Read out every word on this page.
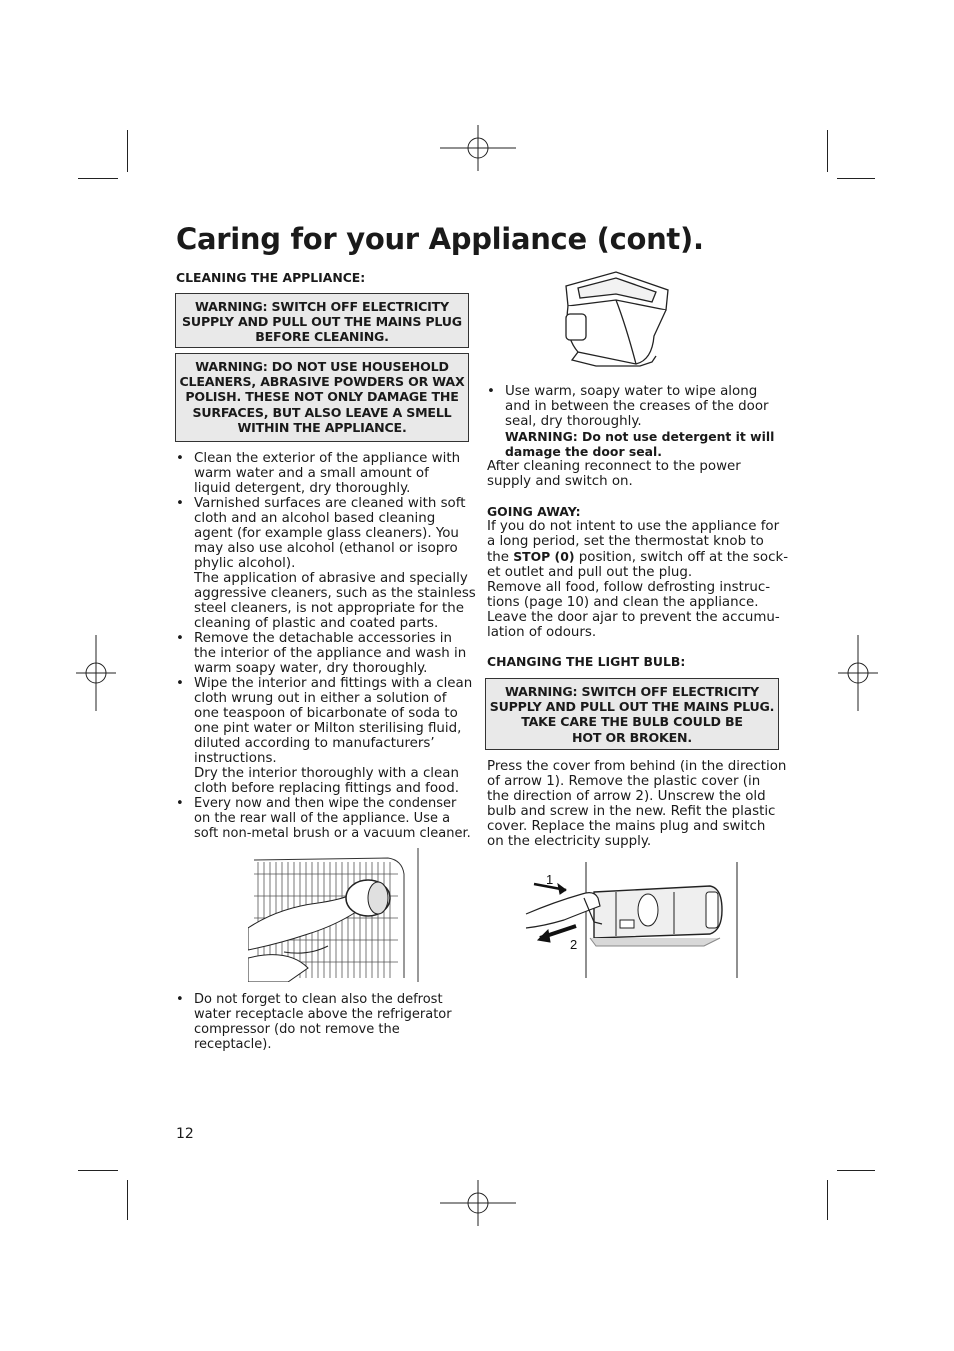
Caring for your Appliance (cont).
CLEANING THE APPLIANCE:
WARNING: SWITCH OFF ELECTRICITY
SUPPLY AND PULL OUT THE MAINS PLUG
BEFORE CLEANING.
WARNING: DO NOT USE HOUSEHOLD
CLEANERS, ABRASIVE POWDERS OR WAX
POLISH. THESE NOT ONLY DAMAGE THE
SURFACES, BUT ALSO LEAVE A SMELL
WITHIN THE APPLIANCE.
• Clean the exterior of the appliance with
warm water and a small amount of
liquid detergent, dry thoroughly.
• Varnished surfaces are cleaned with soft
cloth and an alcohol based cleaning
agent (for example glass cleaners). You
may also use alcohol (ethanol or isopro
phylic alcohol).
The application of abrasive and specially
aggressive cleaners, such as the stainless
steel cleaners, is not appropriate for the
cleaning of plastic and coated parts.
• Remove the detachable accessories in
the interior of the appliance and wash in
warm soapy water, dry thoroughly.
• Wipe the interior and fittings with a clean
cloth wrung out in either a solution of
one teaspoon of bicarbonate of soda to
one pint water or Milton sterilising fluid,
diluted according to manufacturers’
instructions.
Dry the interior thoroughly with a clean
cloth before replacing fittings and food.
• Every now and then wipe the condenser
on the rear wall of the appliance. Use a
soft non-metal brush or a vacuum cleaner.
• Do not forget to clean also the defrost
water receptacle above the refrigerator
compressor (do not remove the
receptacle).
12
• Use warm, soapy water to wipe along
and in between the creases of the door
seal, dry thoroughly.
WARNING: Do not use detergent it will
damage the door seal.
After cleaning reconnect to the power
supply and switch on.
GOING AWAY:
If you do not intent to use the appliance for
a long period, set the thermostat knob to
the STOP (0) position, switch off at the sock-
et outlet and pull out the plug.
Remove all food, follow defrosting instruc-
tions (page 10) and clean the appliance.
Leave the door ajar to prevent the accumu-
lation of odours.
CHANGING THE LIGHT BULB:
WARNING: SWITCH OFF ELECTRICITY
SUPPLY AND PULL OUT THE MAINS PLUG.
TAKE CARE THE BULB COULD BE
HOT OR BROKEN.
Press the cover from behind (in the direction
of arrow 1). Remove the plastic cover (in
the direction of arrow 2). Unscrew the old
bulb and screw in the new. Refit the plastic
cover. Replace the mains plug and switch
on the electricity supply.
1
2
